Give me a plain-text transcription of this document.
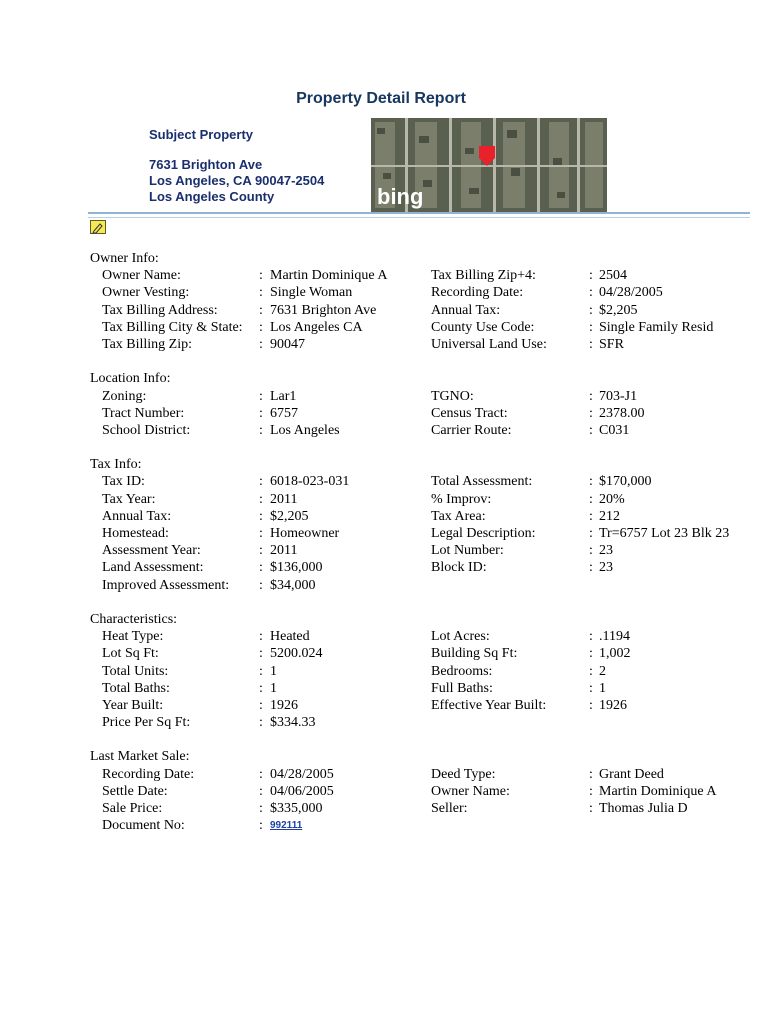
Property Detail Report
Subject Property
7631 Brighton Ave
Los Angeles, CA 90047-2504
Los Angeles County	bing
Owner Info:
Owner Name:	: Martin Dominique A	Tax Billing Zip+4:	: 2504
Owner Vesting:	: Single Woman	Recording Date:	: 04/28/2005
Tax Billing Address:	: 7631 Brighton Ave	Annual Tax:	: $2,205
Tax Billing City & State: : Los Angeles CA	County Use Code:	: Single Family Resid
Tax Billing Zip:	: 90047	Universal Land Use:	: SFR
Location Info:
Zoning:	: Lar1	TGNO:	: 703-J1
Tract Number:	: 6757	Census Tract:	: 2378.00
School District:	: Los Angeles	Carrier Route:	: C031
Tax Info:
Tax ID:	: 6018-023-031	Total Assessment:	: $170,000
Tax Year:	: 2011	% Improv:	: 20%
Annual Tax:	: $2,205	Tax Area:	: 212
Homestead:	: Homeowner	Legal Description:	: Tr=6757 Lot 23 Blk 23
Assessment Year:	: 2011	Lot Number:	: 23
Land Assessment:	: $136,000	Block ID:	: 23
Improved Assessment: : $34,000
Characteristics:
Heat Type:	: Heated	Lot Acres:	: .1194
Lot Sq Ft:	: 5200.024	Building Sq Ft:	: 1,002
Total Units:	: 1	Bedrooms:	: 2
Total Baths:	: 1	Full Baths:	: 1
Year Built:	: 1926	Effective Year Built:	: 1926
Price Per Sq Ft:	: $334.33
Last Market Sale:
Recording Date:	: 04/28/2005	Deed Type:	: Grant Deed
Settle Date:	: 04/06/2005	Owner Name:	: Martin Dominique A
Sale Price:	: $335,000	Seller:	: Thomas Julia D
Document No:	: 992111
